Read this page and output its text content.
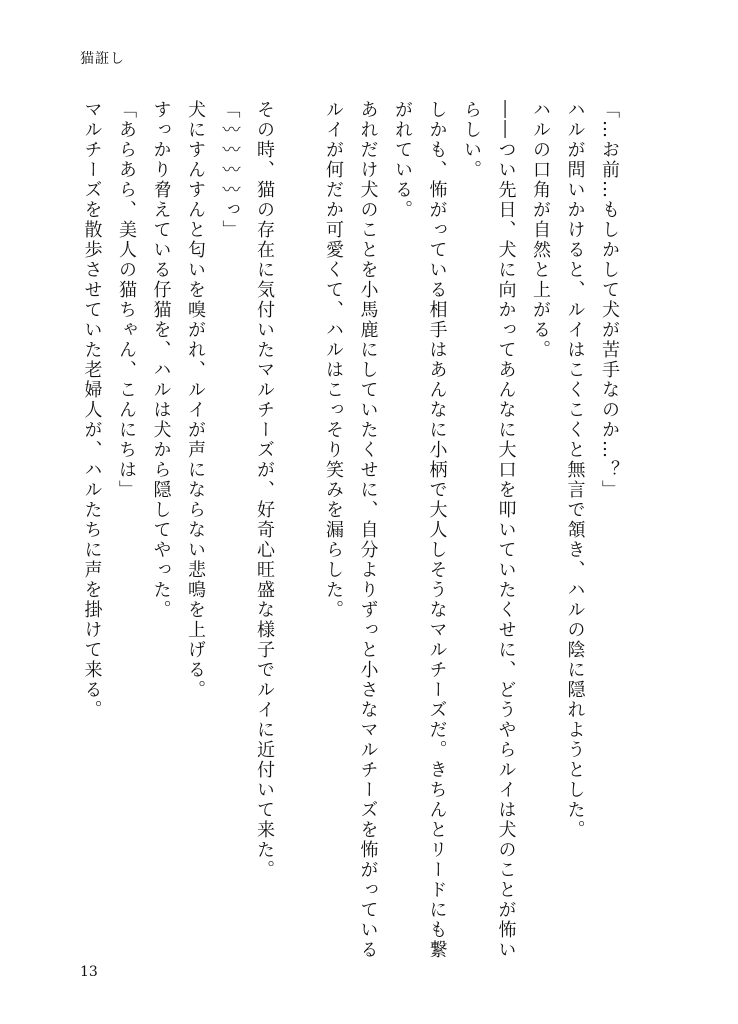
猫誑し
「…お前…もしかして犬が苦手なのか…？」
ハルが問いかけると、ルイはこくこくと無言で頷き、ハルの陰に隠れようとした。
ハルの口角が自然と上がる。
――つい先日、犬に向かってあんなに大口を叩いていたくせに、どうやらルイは犬のことが怖い
らしい。
しかも、怖がっている相手はあんなに小柄で大人しそうなマルチーズだ。きちんとリードにも繋
がれている。
あれだけ犬のことを小馬鹿にしていたくせに、自分よりずっと小さなマルチーズを怖がっている
ルイが何だか可愛くて、ハルはこっそり笑みを漏らした。
その時、猫の存在に気付いたマルチーズが、好奇心旺盛な様子でルイに近付いて来た。
「〰〰〰〰っ」
犬にすんすんと匂いを嗅がれ、ルイが声にならない悲鳴を上げる。
すっかり脅えている仔猫を、ハルは犬から隠してやった。
「あらあら、美人の猫ちゃん、こんにちは」
マルチーズを散歩させていた老婦人が、ハルたちに声を掛けて来る。
13
